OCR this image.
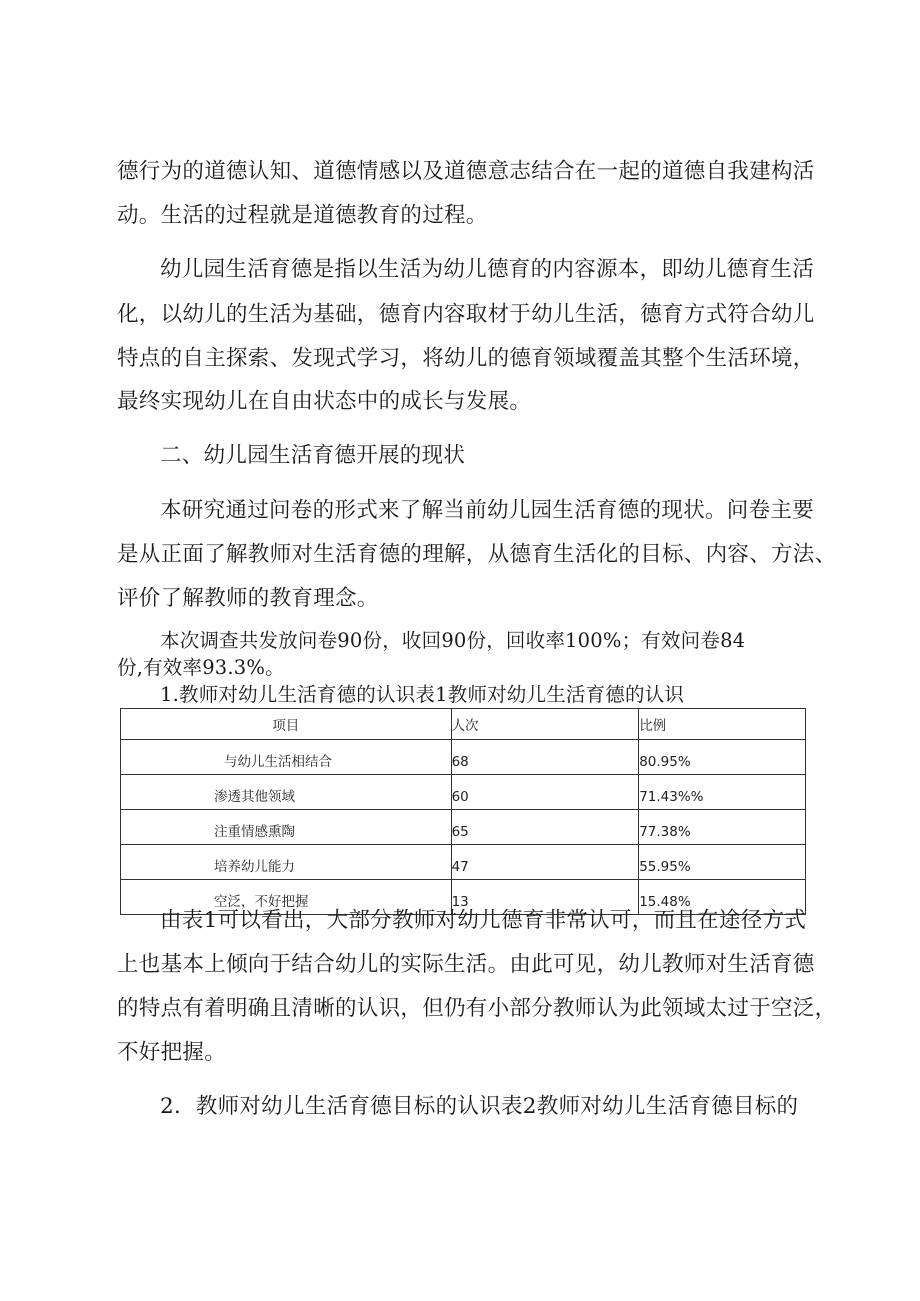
德行为的道德认知、道德情感以及道德意志结合在一起的道德自我建构活
动。生活的过程就是道德教育的过程。
幼儿园生活育德是指以生活为幼儿德育的内容源本，即幼儿德育生活
化，以幼儿的生活为基础，德育内容取材于幼儿生活，德育方式符合幼儿
特点的自主探索、发现式学习，将幼儿的德育领域覆盖其整个生活环境，
最终实现幼儿在自由状态中的成长与发展。
二、幼儿园生活育德开展的现状
本研究通过问卷的形式来了解当前幼儿园生活育德的现状。问卷主要
是从正面了解教师对生活育德的理解，从德育生活化的目标、内容、方法、
评价了解教师的教育理念。
本次调查共发放问卷90份，收回90份，回收率100%；有效问卷84
份,有效率93.3%。
1.教师对幼儿生活育德的认识表1教师对幼儿生活育德的认识
项目	人次	比例
与幼儿生活相结合	68	80.95%
渗透其他领域	60	71.43%%
注重情感熏陶	65	77.38%
培养幼儿能力	47	55.95%
空泛，不好把握	13	15.48%
由表1可以看出，大部分教师对幼儿德育非常认可，而且在途径方式
上也基本上倾向于结合幼儿的实际生活。由此可见，幼儿教师对生活育德
的特点有着明确且清晰的认识，但仍有小部分教师认为此领域太过于空泛，
不好把握。
2．教师对幼儿生活育德目标的认识表2教师对幼儿生活育德目标的
